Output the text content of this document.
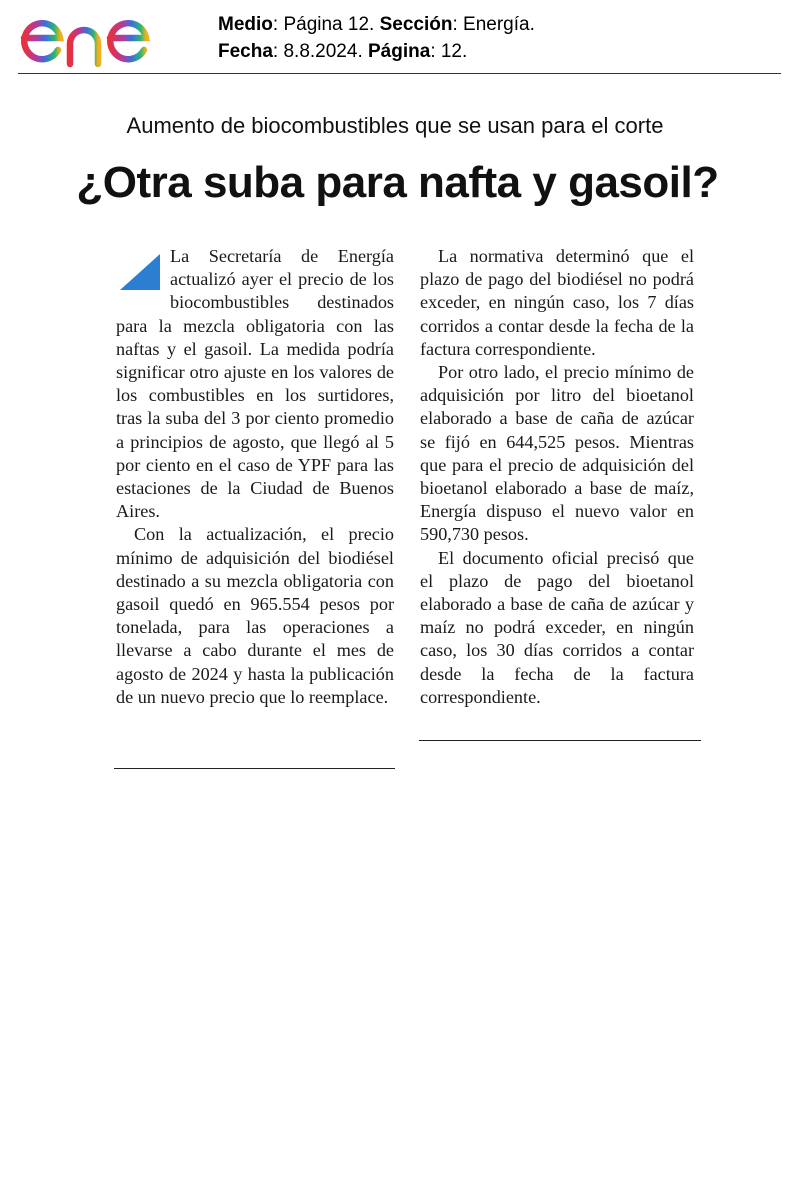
Medio: Página 12. Sección: Energía.
Fecha: 8.8.2024. Página: 12.
Aumento de biocombustibles que se usan para el corte
¿Otra suba para nafta y gasoil?

La Secretaría de Energía actualizó ayer el precio de los biocombustibles destinados para la mezcla obligatoria con las naftas y el gasoil. La medida podría significar otro ajuste en los valores de los combustibles en los surtidores, tras la suba del 3 por ciento promedio a principios de agosto, que llegó al 5 por ciento en el caso de YPF para las estaciones de la Ciudad de Buenos Aires.

Con la actualización, el precio mínimo de adquisición del biodiésel destinado a su mezcla obligatoria con gasoil quedó en 965.554 pesos por tonelada, para las operaciones a llevarse a cabo durante el mes de agosto de 2024 y hasta la publicación de un nuevo precio que lo reemplace.

La normativa determinó que el plazo de pago del biodiésel no podrá exceder, en ningún caso, los 7 días corridos a contar desde la fecha de la factura correspondiente.

Por otro lado, el precio mínimo de adquisición por litro del bioetanol elaborado a base de caña de azúcar se fijó en 644,525 pesos. Mientras que para el precio de adquisición del bioetanol elaborado a base de maíz, Energía dispuso el nuevo valor en 590,730 pesos.

El documento oficial precisó que el plazo de pago del bioetanol elaborado a base de caña de azúcar y maíz no podrá exceder, en ningún caso, los 30 días corridos a contar desde la fecha de la factura correspondiente.
